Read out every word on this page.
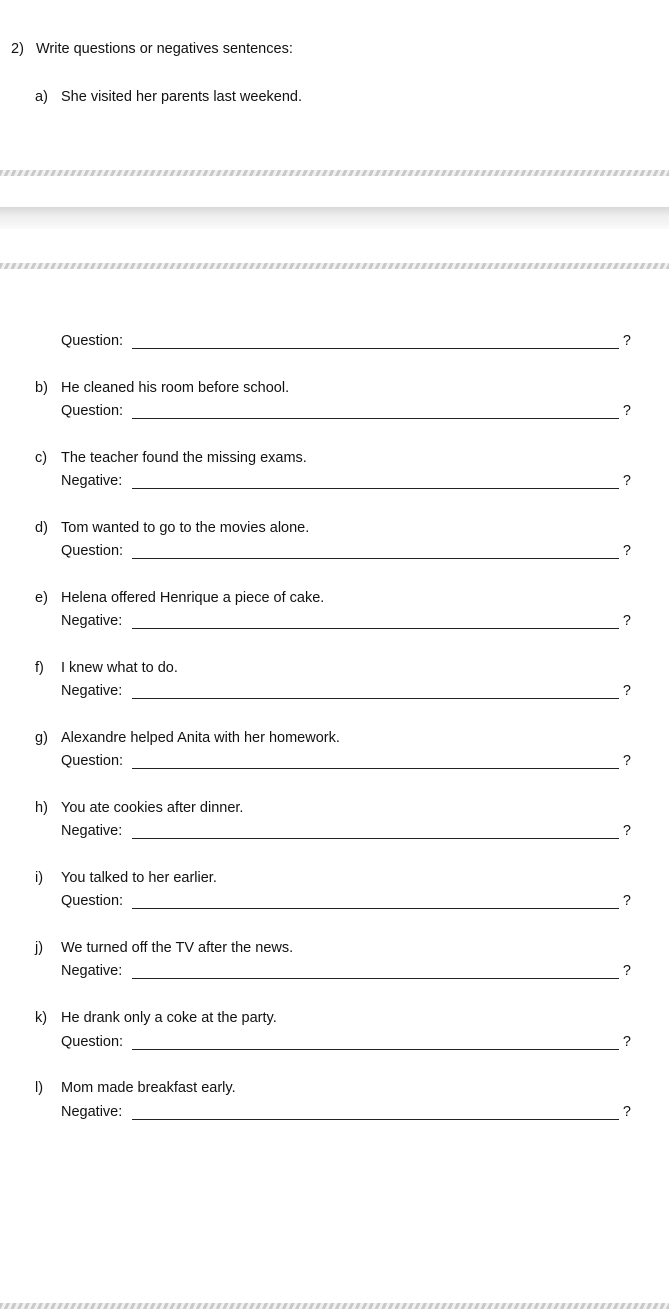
2) Write questions or negatives sentences:
a) She visited her parents last weekend.
Question:	?
b) He cleaned his room before school.
Question:	?
c) The teacher found the missing exams.
Negative:	?
d) Tom wanted to go to the movies alone.
Question:	?
e) Helena offered Henrique a piece of cake.
Negative:	?
f) I knew what to do.
Negative:	?
g) Alexandre helped Anita with her homework.
Question:	?
h) You ate cookies after dinner.
Negative:	?
i) You talked to her earlier.
Question:	?
j) We turned off the TV after the news.
Negative:	?
k) He drank only a coke at the party.
Question:	?
l) Mom made breakfast early.
Negative:	?
